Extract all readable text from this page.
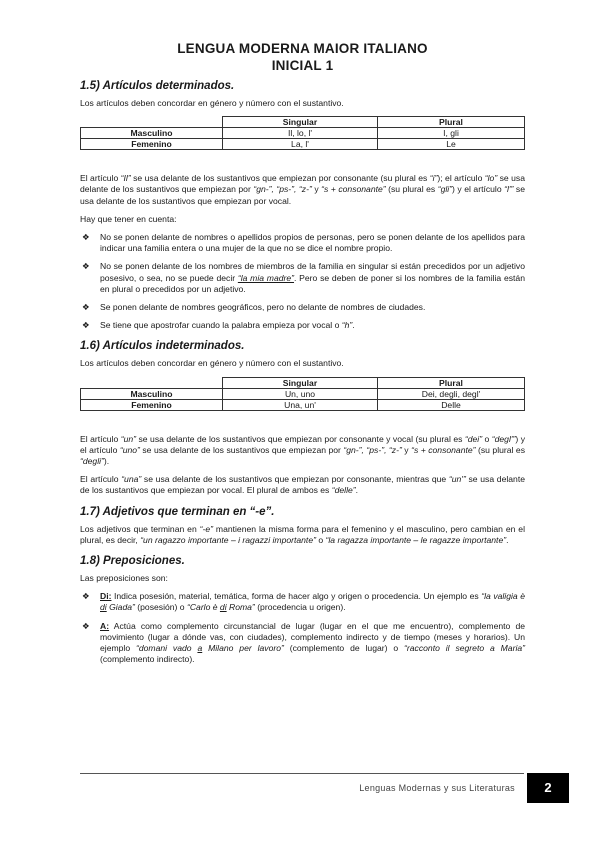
LENGUA MODERNA MAIOR ITALIANO
INICIAL 1
1.5) Artículos determinados.

Los artículos deben concordar en género y número con el sustantivo.

	Singular	Plural
Masculino	Il, lo, l'	I, gli
Femenino	La, l'	Le

El artículo “Il” se usa delante de los sustantivos que empiezan por consonante (su plural es “i”); el artículo “lo” se usa delante de los sustantivos que empiezan por “gn-”, “ps-”, “z-” y “s + consonante” (su plural es “gli”) y el artículo “l'” se usa delante de los sustantivos que empiezan por vocal.

Hay que tener en cuenta:

❖ No se ponen delante de nombres o apellidos propios de personas, pero se ponen delante de los apellidos para indicar una familia entera o una mujer de la que no se dice el nombre propio.
❖ No se ponen delante de los nombres de miembros de la familia en singular si están precedidos por un adjetivo posesivo, o sea, no se puede decir “la mia madre”. Pero se deben de poner si los nombres de la familia están en plural o precedidos por un adjetivo.
❖ Se ponen delante de nombres geográficos, pero no delante de nombres de ciudades.
❖ Se tiene que apostrofar cuando la palabra empieza por vocal o “h”.
1.6) Artículos indeterminados.

Los artículos deben concordar en género y número con el sustantivo.

	Singular	Plural
Masculino	Un, uno	Dei, degli, degl'
Femenino	Una, un'	Delle

El artículo “un” se usa delante de los sustantivos que empiezan por consonante y vocal (su plural es “dei” o “degl'”) y el artículo “uno” se usa delante de los sustantivos que empiezan por “gn-”, “ps-”, “z-” y “s + consonante” (su plural es “degli”).

El artículo “una” se usa delante de los sustantivos que empiezan por consonante, mientras que “un'” se usa delante de los sustantivos que empiezan por vocal. El plural de ambos es “delle”.

1.7) Adjetivos que terminan en “-e”.

Los adjetivos que terminan en “-e” mantienen la misma forma para el femenino y el masculino, pero cambian en el plural, es decir, “un ragazzo importante – i ragazzi importante” o “la ragazza importante – le ragazze importante”.

1.8) Preposiciones.

Las preposiciones son:

❖ Di: Indica posesión, material, temática, forma de hacer algo y origen o procedencia. Un ejemplo es “la valigia è di Giada” (posesión) o “Carlo è di Roma” (procedencia u origen).
❖ A: Actúa como complemento circunstancial de lugar (lugar en el que me encuentro), complemento de movimiento (lugar a dónde vas, con ciudades), complemento indirecto y de tiempo (meses y horarios). Un ejemplo “domani vado a Milano per lavoro” (complemento de lugar) o “racconto il segreto a Maria” (complemento indirecto).
Lenguas Modernas y sus Literaturas	2
